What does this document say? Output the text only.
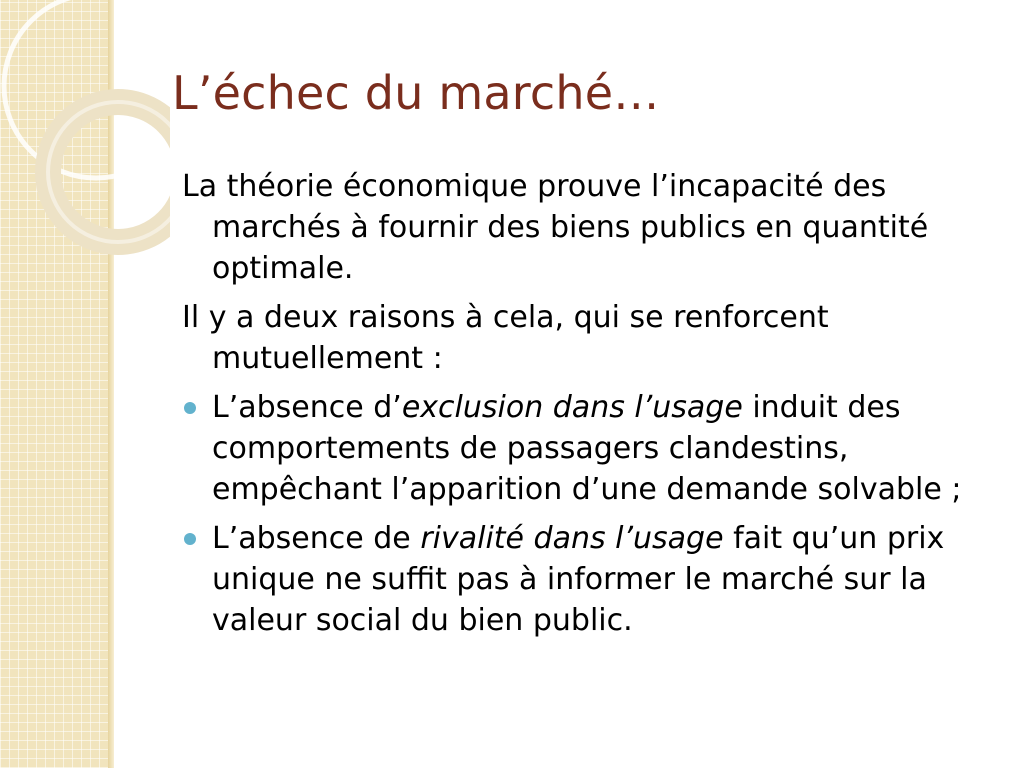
L’échec du marché…

La théorie économique prouve l’incapacité des marchés à fournir des biens publics en quantité optimale.

Il y a deux raisons à cela, qui se renforcent mutuellement :

L’absence d’exclusion dans l’usage induit des comportements de passagers clandestins, empêchant l’apparition d’une demande solvable ;

L’absence de rivalité dans l’usage fait qu’un prix unique ne suffit pas à informer le marché sur la valeur social du bien public.
